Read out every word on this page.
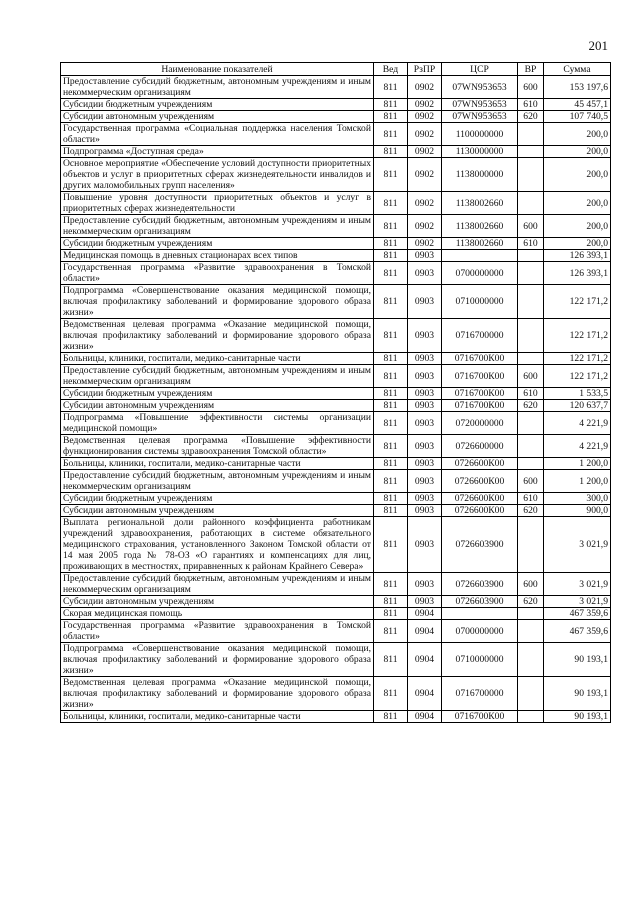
201
Наименование показателей	Вед	РзПР	ЦСР	ВР	Сумма
Предоставление субсидий бюджетным, автономным учреждениям и иным некоммерческим организациям	811	0902	07WN953653	600	153 197,6
Субсидии бюджетным учреждениям	811	0902	07WN953653	610	45 457,1
Субсидии автономным учреждениям	811	0902	07WN953653	620	107 740,5
Государственная программа «Социальная поддержка населения Томской области»	811	0902	1100000000		200,0
Подпрограмма «Доступная среда»	811	0902	1130000000		200,0
Основное мероприятие «Обеспечение условий доступности приоритетных объектов и услуг в приоритетных сферах жизнедеятельности инвалидов и других маломобильных групп населения»	811	0902	1138000000		200,0
Повышение уровня доступности приоритетных объектов и услуг в приоритетных сферах жизнедеятельности	811	0902	1138002660		200,0
Предоставление субсидий бюджетным, автономным учреждениям и иным некоммерческим организациям	811	0902	1138002660	600	200,0
Субсидии бюджетным учреждениям	811	0902	1138002660	610	200,0
Медицинская помощь в дневных стационарах всех типов	811	0903			126 393,1
Государственная программа «Развитие здравоохранения в Томской области»	811	0903	0700000000		126 393,1
Подпрограмма «Совершенствование оказания медицинской помощи, включая профилактику заболеваний и формирование здорового образа жизни»	811	0903	0710000000		122 171,2
Ведомственная целевая программа «Оказание медицинской помощи, включая профилактику заболеваний и формирование здорового образа жизни»	811	0903	0716700000		122 171,2
Больницы, клиники, госпитали, медико-санитарные части	811	0903	0716700К00		122 171,2
Предоставление субсидий бюджетным, автономным учреждениям и иным некоммерческим организациям	811	0903	0716700К00	600	122 171,2
Субсидии бюджетным учреждениям	811	0903	0716700К00	610	1 533,5
Субсидии автономным учреждениям	811	0903	0716700К00	620	120 637,7
Подпрограмма «Повышение эффективности системы организации медицинской помощи»	811	0903	0720000000		4 221,9
Ведомственная целевая программа «Повышение эффективности функционирования системы здравоохранения Томской области»	811	0903	0726600000		4 221,9
Больницы, клиники, госпитали, медико-санитарные части	811	0903	0726600К00		1 200,0
Предоставление субсидий бюджетным, автономным учреждениям и иным некоммерческим организациям	811	0903	0726600К00	600	1 200,0
Субсидии бюджетным учреждениям	811	0903	0726600К00	610	300,0
Субсидии автономным учреждениям	811	0903	0726600К00	620	900,0
Выплата региональной доли районного коэффициента работникам учреждений здравоохранения, работающих в системе обязательного медицинского страхования, установленного Законом Томской области от 14 мая 2005 года № 78-ОЗ «О гарантиях и компенсациях для лиц, проживающих в местностях, приравненных к районам Крайнего Севера»	811	0903	0726603900		3 021,9
Предоставление субсидий бюджетным, автономным учреждениям и иным некоммерческим организациям	811	0903	0726603900	600	3 021,9
Субсидии автономным учреждениям	811	0903	0726603900	620	3 021,9
Скорая медицинская помощь	811	0904			467 359,6
Государственная программа «Развитие здравоохранения в Томской области»	811	0904	0700000000		467 359,6
Подпрограмма «Совершенствование оказания медицинской помощи, включая профилактику заболеваний и формирование здорового образа жизни»	811	0904	0710000000		90 193,1
Ведомственная целевая программа «Оказание медицинской помощи, включая профилактику заболеваний и формирование здорового образа жизни»	811	0904	0716700000		90 193,1
Больницы, клиники, госпитали, медико-санитарные части	811	0904	0716700К00		90 193,1
